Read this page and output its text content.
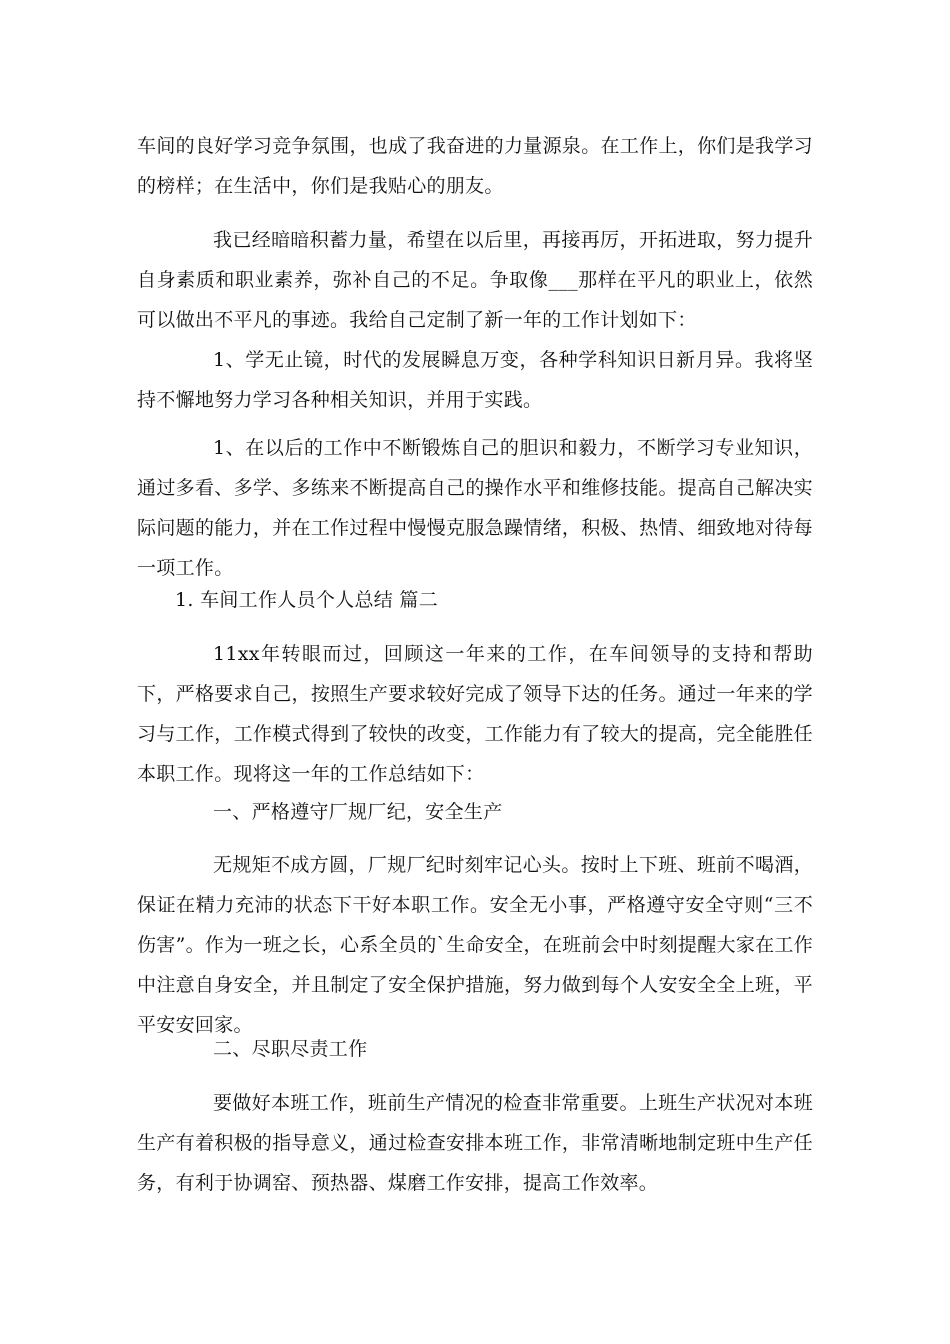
车间的良好学习竞争氛围，也成了我奋进的力量源泉。在工作上，你们是我学习的榜样；在生活中，你们是我贴心的朋友。

我已经暗暗积蓄力量，希望在以后里，再接再厉，开拓进取，努力提升自身素质和职业素养，弥补自己的不足。争取像___那样在平凡的职业上，依然可以做出不平凡的事迹。我给自己定制了新一年的工作计划如下：

1、学无止镜，时代的发展瞬息万变，各种学科知识日新月异。我将坚持不懈地努力学习各种相关知识，并用于实践。

1、在以后的工作中不断锻炼自己的胆识和毅力，不断学习专业知识，通过多看、多学、多练来不断提高自己的操作水平和维修技能。提高自己解决实际问题的能力，并在工作过程中慢慢克服急躁情绪，积极、热情、细致地对待每一项工作。

1. 车间工作人员个人总结 篇二

11xx年转眼而过，回顾这一年来的工作，在车间领导的支持和帮助下，严格要求自己，按照生产要求较好完成了领导下达的任务。通过一年来的学习与工作，工作模式得到了较快的改变，工作能力有了较大的提高，完全能胜任本职工作。现将这一年的工作总结如下：

一、严格遵守厂规厂纪，安全生产

无规矩不成方圆，厂规厂纪时刻牢记心头。按时上下班、班前不喝酒，保证在精力充沛的状态下干好本职工作。安全无小事，严格遵守安全守则“三不伤害”。作为一班之长，心系全员的`生命安全，在班前会中时刻提醒大家在工作中注意自身安全，并且制定了安全保护措施，努力做到每个人安安全全上班，平平安安回家。

二、尽职尽责工作

要做好本班工作，班前生产情况的检查非常重要。上班生产状况对本班生产有着积极的指导意义，通过检查安排本班工作，非常清晰地制定班中生产任务，有利于协调窑、预热器、煤磨工作安排，提高工作效率。
